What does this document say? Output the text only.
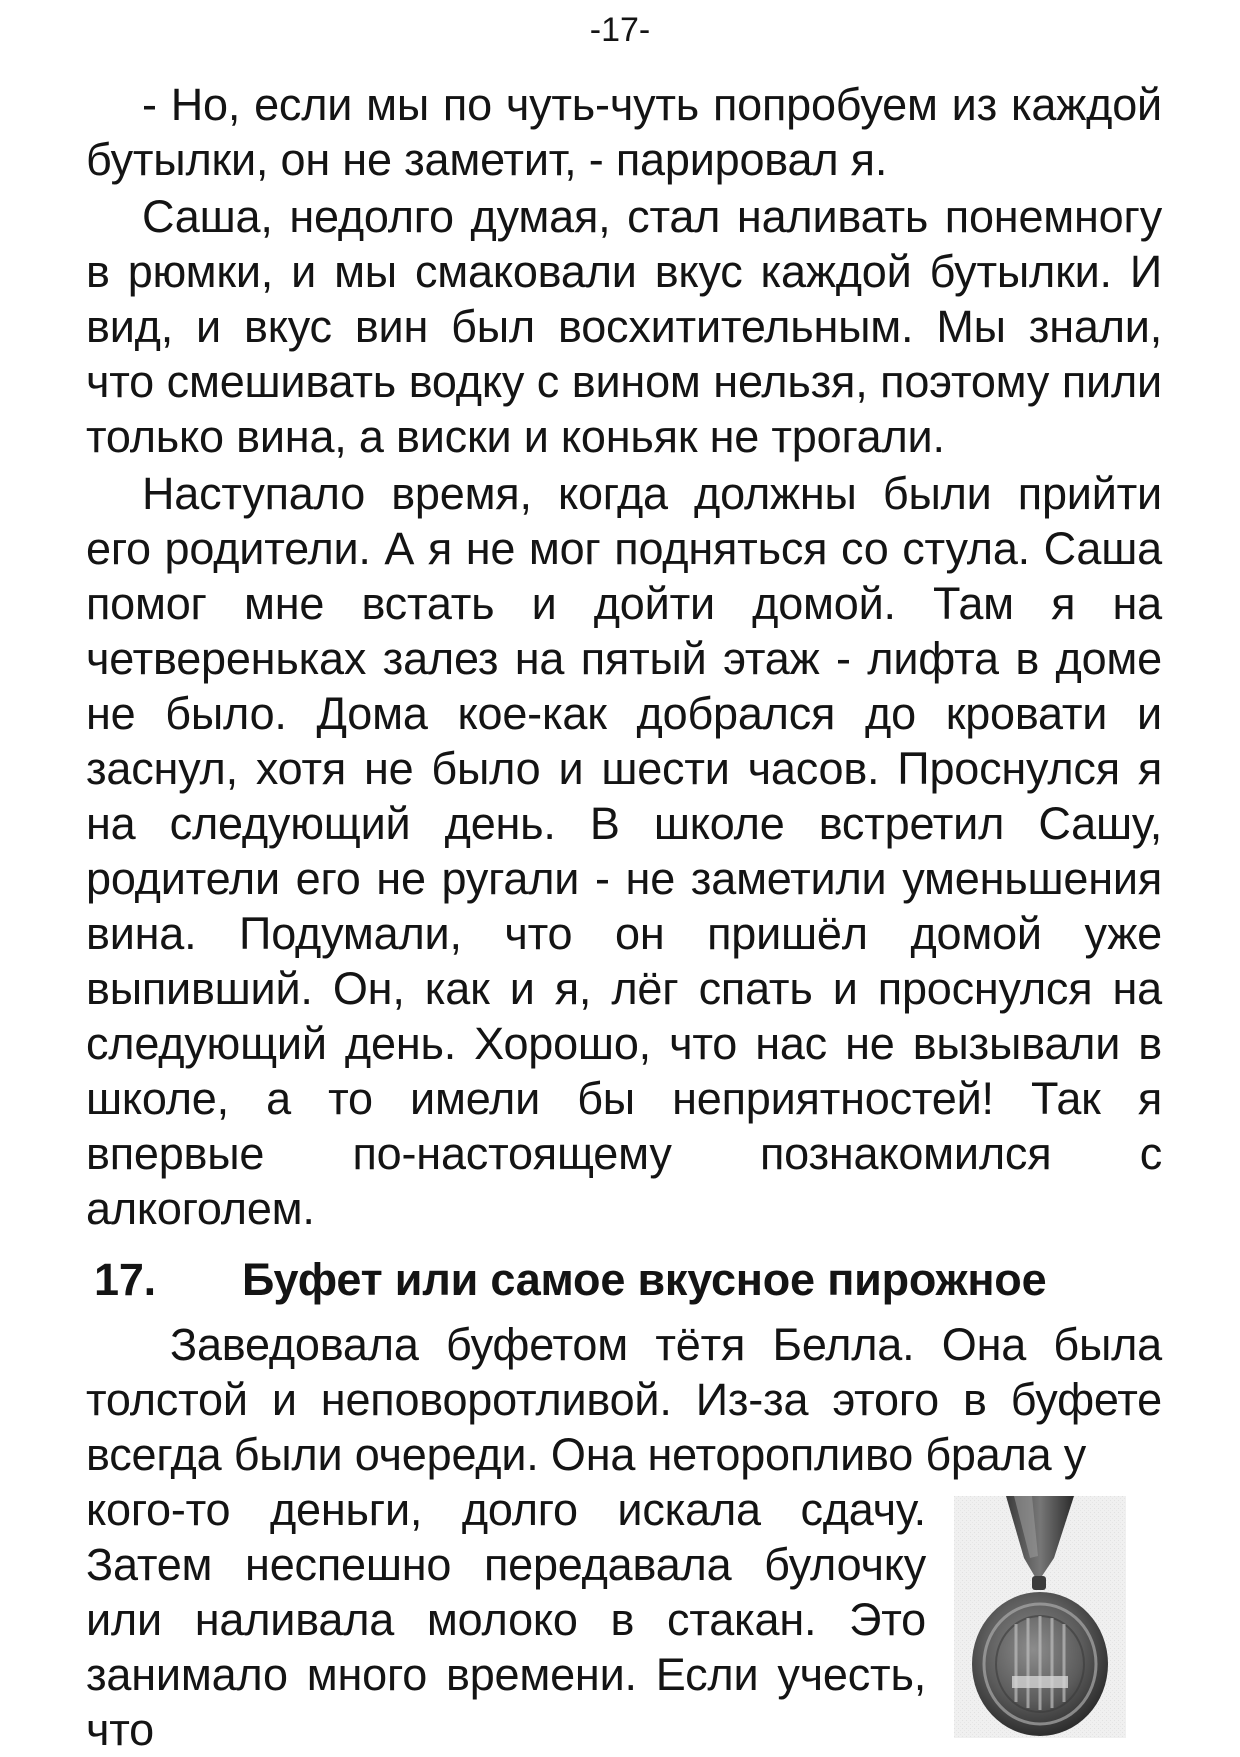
-17-

- Но, если мы по чуть-чуть попробуем из каждой бутылки, он не заметит, - парировал я.

Саша, недолго думая, стал наливать понемногу в рюмки, и мы смаковали вкус каждой бутылки. И вид, и вкус вин был восхитительным. Мы знали, что смешивать водку с вином нельзя, поэтому пили только вина, а виски и коньяк не трогали.

Наступало время, когда должны были прийти его родители. А я не мог подняться со стула. Саша помог мне встать и дойти домой. Там я на четвереньках залез на пятый этаж - лифта в доме не было. Дома кое-как добрался до кровати и заснул, хотя не было и шести часов. Проснулся я на следующий день. В школе встретил Сашу, родители его не ругали - не заметили уменьшения вина. Подумали, что он пришёл домой уже выпивший. Он, как и я, лёг спать и проснулся на следующий день. Хорошо, что нас не вызывали в школе, а то имели бы неприятностей! Так я впервые по-настоящему познакомился с алкоголем.

17. Буфет или самое вкусное пирожное

Заведовала буфетом тётя Белла. Она была толстой и неповоротливой. Из-за этого в буфете всегда были очереди. Она неторопливо брала у

кого-то деньги, долго искала сдачу. Затем неспешно передавала булочку или наливала молоко в стакан. Это занимало много времени. Если учесть, что
